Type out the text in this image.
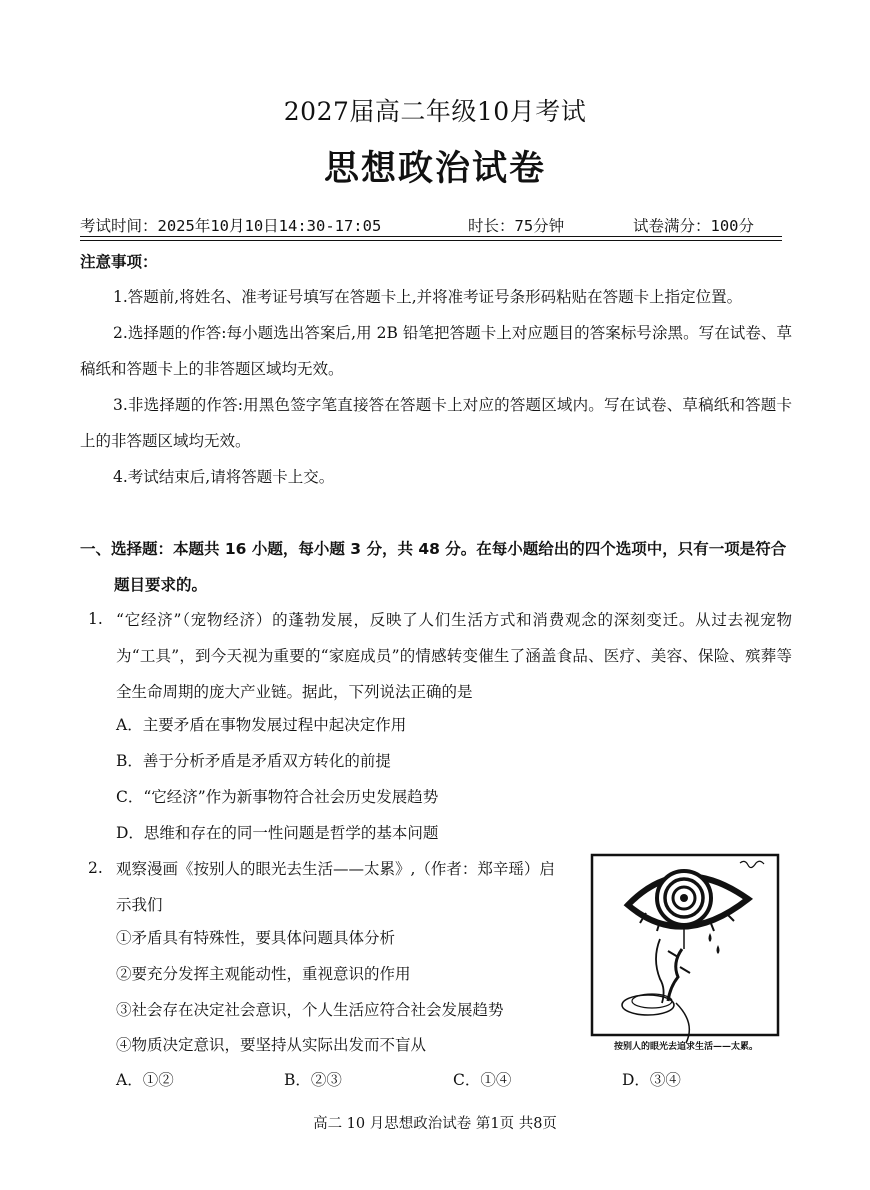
2027届高二年级10月考试
思想政治试卷
考试时间：2025年10月10日14:30-17:05	时长：75分钟	试卷满分：100分
注意事项：
1.答题前,将姓名、准考证号填写在答题卡上,并将准考证号条形码粘贴在答题卡上指定位置。
2.选择题的作答:每小题选出答案后,用 2B 铅笔把答题卡上对应题目的答案标号涂黑。写在试卷、草稿纸和答题卡上的非答题区域均无效。
3.非选择题的作答:用黑色签字笔直接答在答题卡上对应的答题区域内。写在试卷、草稿纸和答题卡上的非答题区域均无效。
4.考试结束后,请将答题卡上交。
一、选择题：本题共 16 小题，每小题 3 分，共 48 分。在每小题给出的四个选项中，只有一项是符合题目要求的。
1. “它经济”（宠物经济）的蓬勃发展，反映了人们生活方式和消费观念的深刻变迁。从过去视宠物为“工具”，到今天视为重要的“家庭成员”的情感转变催生了涵盖食品、医疗、美容、保险、殡葬等全生命周期的庞大产业链。据此，下列说法正确的是
A．主要矛盾在事物发展过程中起决定作用
B．善于分析矛盾是矛盾双方转化的前提
C．“它经济”作为新事物符合社会历史发展趋势
D．思维和存在的同一性问题是哲学的基本问题
2. 观察漫画《按别人的眼光去生活——太累》,（作者：郑辛瑶）启
示我们
①矛盾具有特殊性，要具体问题具体分析
②要充分发挥主观能动性，重视意识的作用
③社会存在决定社会意识，个人生活应符合社会发展趋势
④物质决定意识，要坚持从实际出发而不盲从
A．①②	B．②③	C．①④	D．③④
按别人的眼光去追求生活——太累。
高二 10 月思想政治试卷 第1页 共8页
